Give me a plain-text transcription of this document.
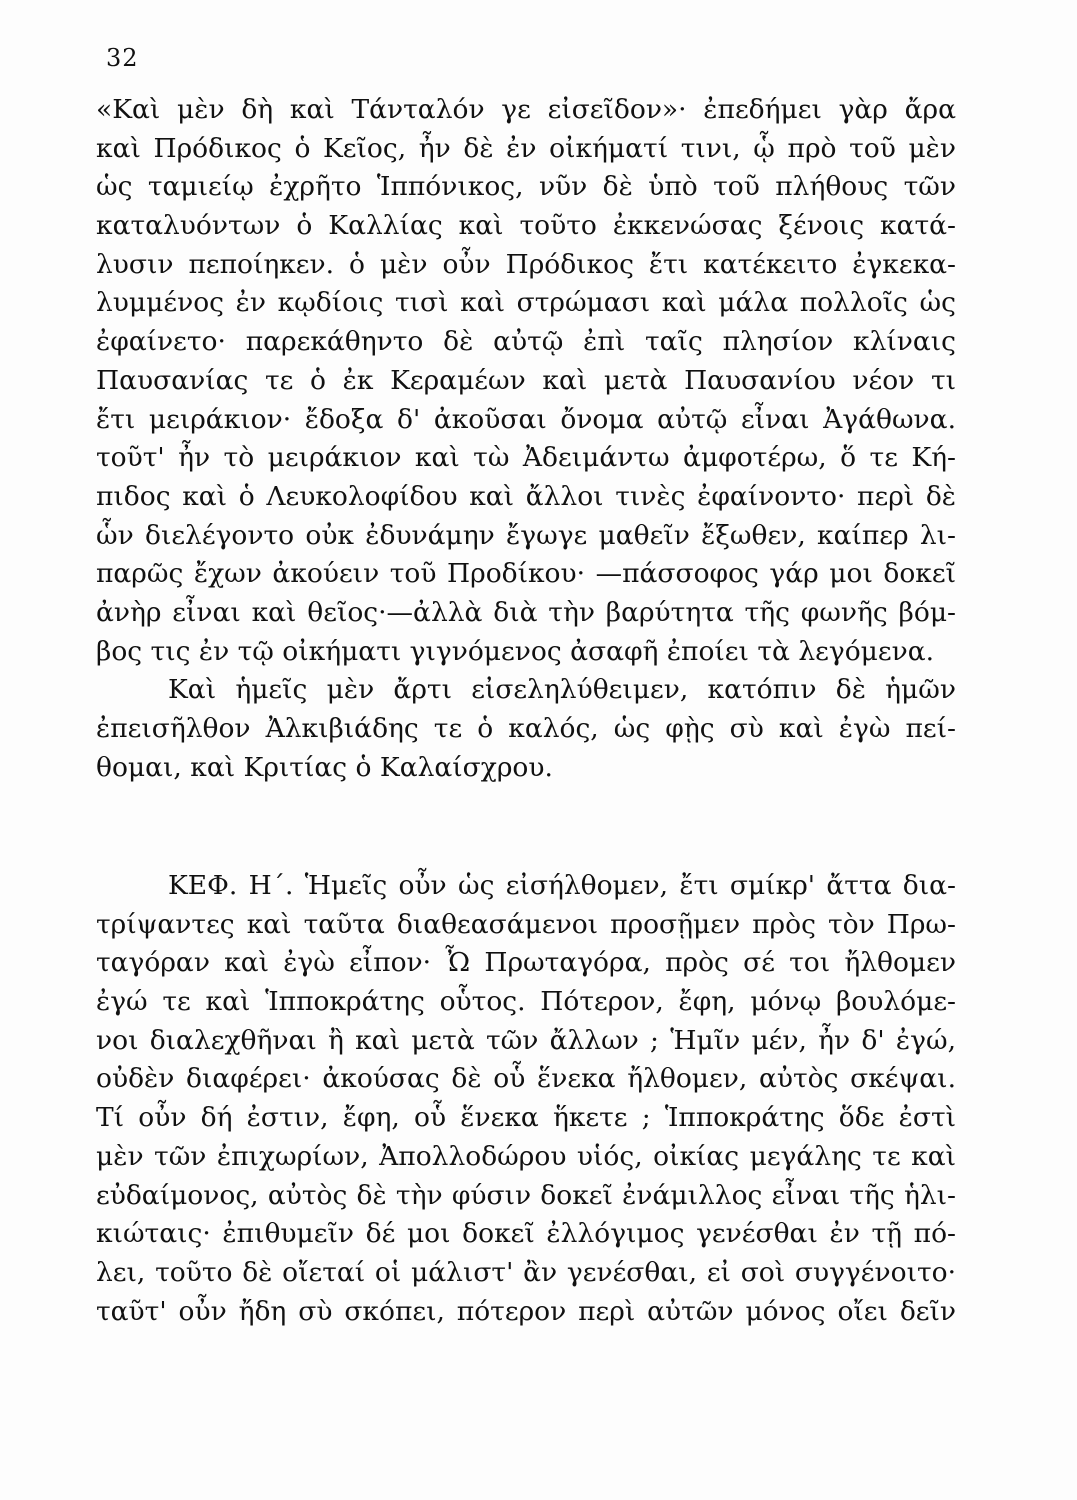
32
«Καὶ μὲν δὴ καὶ Τάνταλόν γε εἰσεῖδον»· ἐπεδήμει γὰρ ἄρα
καὶ Πρόδικος ὁ Κεῖος, ἦν δὲ ἐν οἰκήματί τινι, ᾧ πρὸ τοῦ μὲν
ὡς ταμιείῳ ἐχρῆτο Ἱππόνικος, νῦν δὲ ὑπὸ τοῦ πλήθους τῶν
καταλυόντων ὁ Καλλίας καὶ τοῦτο ἐκκενώσας ξένοις κατά-
λυσιν πεποίηκεν. ὁ μὲν οὖν Πρόδικος ἔτι κατέκειτο ἐγκεκα-
λυμμένος ἐν κῳδίοις τισὶ καὶ στρώμασι καὶ μάλα πολλοῖς ὡς
ἐφαίνετο· παρεκάθηντο δὲ αὐτῷ ἐπὶ ταῖς πλησίον κλίναις
Παυσανίας τε ὁ ἐκ Κεραμέων καὶ μετὰ Παυσανίου νέον τι
ἔτι μειράκιον· ἔδοξα δ' ἀκοῦσαι ὄνομα αὐτῷ εἶναι Ἀγάθωνα.
τοῦτ' ἦν τὸ μειράκιον καὶ τὼ Ἀδειμάντω ἀμφοτέρω, ὅ τε Κή-
πιδος καὶ ὁ Λευκολοφίδου καὶ ἄλλοι τινὲς ἐφαίνοντο· περὶ δὲ
ὧν διελέγοντο οὐκ ἐδυνάμην ἔγωγε μαθεῖν ἔξωθεν, καίπερ λι-
παρῶς ἔχων ἀκούειν τοῦ Προδίκου· —πάσσοφος γάρ μοι δοκεῖ
ἀνὴρ εἶναι καὶ θεῖος·—ἀλλὰ διὰ τὴν βαρύτητα τῆς φωνῆς βόμ-
βος τις ἐν τῷ οἰκήματι γιγνόμενος ἀσαφῆ ἐποίει τὰ λεγόμενα.
Καὶ ἡμεῖς μὲν ἄρτι εἰσεληλύθειμεν, κατόπιν δὲ ἡμῶν
ἐπεισῆλθον Ἀλκιβιάδης τε ὁ καλός, ὡς φῂς σὺ καὶ ἐγὼ πεί-
θομαι, καὶ Κριτίας ὁ Καλαίσχρου.
ΚΕΦ. Η΄. Ἡμεῖς οὖν ὡς εἰσήλθομεν, ἔτι σμίκρ' ἄττα δια-
τρίψαντες καὶ ταῦτα διαθεασάμενοι προσῇμεν πρὸς τὸν Πρω-
ταγόραν καὶ ἐγὼ εἶπον· Ὦ Πρωταγόρα, πρὸς σέ τοι ἤλθομεν
ἐγώ τε καὶ Ἱπποκράτης οὗτος. Πότερον, ἔφη, μόνῳ βουλόμε-
νοι διαλεχθῆναι ἢ καὶ μετὰ τῶν ἄλλων ; Ἡμῖν μέν, ἦν δ' ἐγώ,
οὐδὲν διαφέρει· ἀκούσας δὲ οὗ ἕνεκα ἤλθομεν, αὐτὸς σκέψαι.
Τί οὖν δή ἐστιν, ἔφη, οὗ ἕνεκα ἥκετε ; Ἱπποκράτης ὅδε ἐστὶ
μὲν τῶν ἐπιχωρίων, Ἀπολλοδώρου υἱός, οἰκίας μεγάλης τε καὶ
εὐδαίμονος, αὐτὸς δὲ τὴν φύσιν δοκεῖ ἐνάμιλλος εἶναι τῆς ἡλι-
κιώταις· ἐπιθυμεῖν δέ μοι δοκεῖ ἐλλόγιμος γενέσθαι ἐν τῇ πό-
λει, τοῦτο δὲ οἴεταί οἱ μάλιστ' ἂν γενέσθαι, εἰ σοὶ συγγένοιτο·
ταῦτ' οὖν ἤδη σὺ σκόπει, πότερον περὶ αὐτῶν μόνος οἴει δεῖν
